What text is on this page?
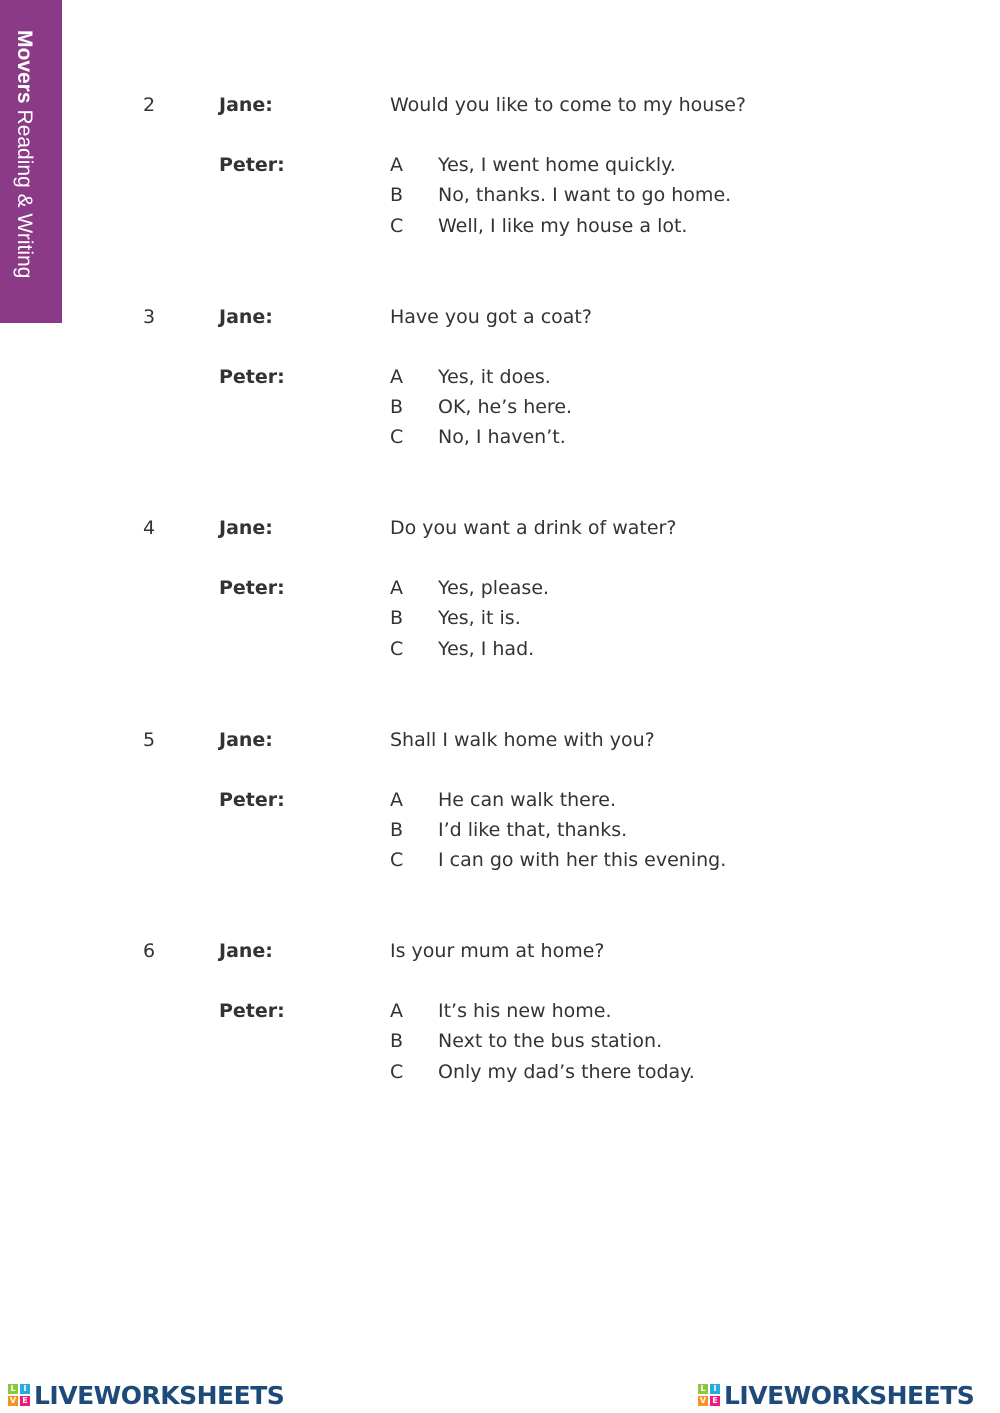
MoversReading & Writing
2	Jane:	Would you like to come to my house?
Peter:	A Yes, I went home quickly.
B No, thanks. I want to go home.
C Well, I like my house a lot.
3	Jane:	Have you got a coat?
Peter:	A Yes, it does.
B OK, he’s here.
C No, I haven’t.
4	Jane:	Do you want a drink of water?
Peter:	A Yes, please.
B Yes, it is.
C Yes, I had.
5	Jane:	Shall I walk home with you?
Peter:	A He can walk there.
B I’d like that, thanks.
C I can go with her this evening.
6	Jane:	Is your mum at home?
Peter:	A It’s his new home.
B Next to the bus station.
C Only my dad’s there today.
L I
V E LIVEWORKSHEETS	L I
V E LIVEWORKSHEETS
